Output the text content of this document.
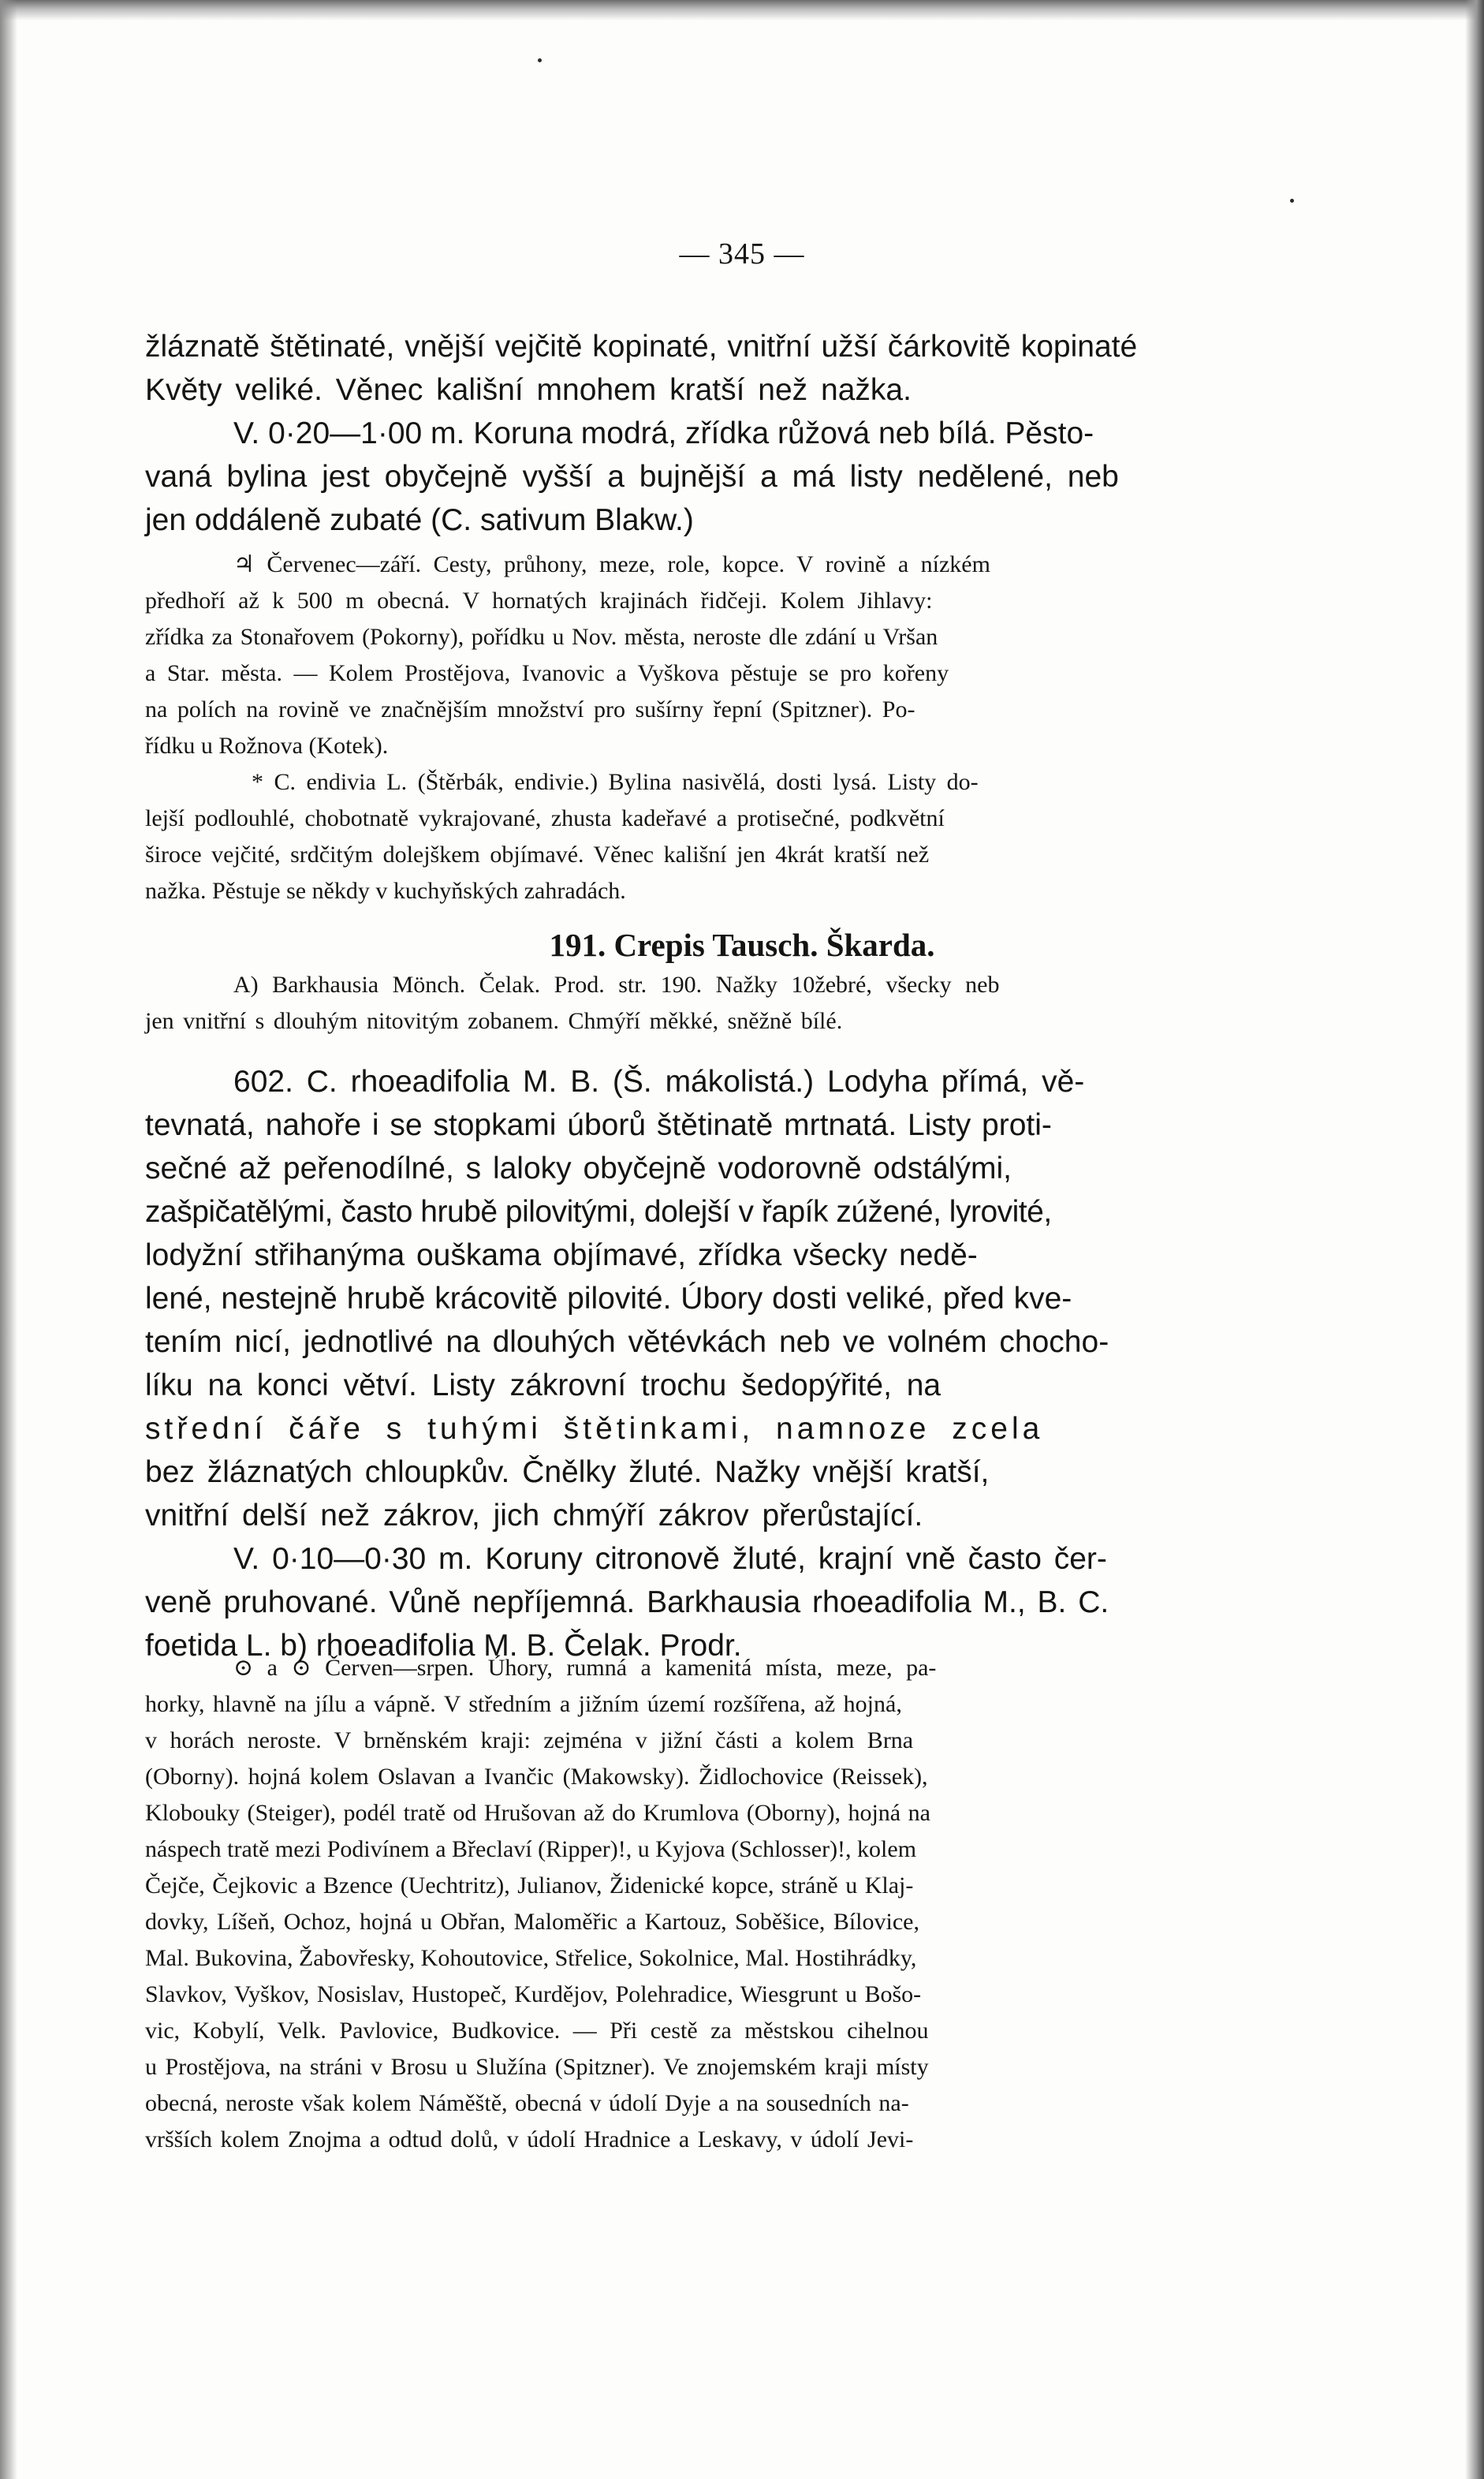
— 345 —
žláznatě štětinaté, vnější vejčitě kopinaté, vnitřní užší čárkovitě kopinaté
Květy veliké. Věnec kališní mnohem kratší než nažka.
V. 0·20—1·00 m. Koruna modrá, zřídka růžová neb bílá. Pěsto-
vaná bylina jest obyčejně vyšší a bujnější a má listy nedělené, neb
jen oddáleně zubaté (C. sativum Blakw.)
♃ Červenec—září. Cesty, průhony, meze, role, kopce. V rovině a nízkém
předhoří až k 500 m obecná. V hornatých krajinách řidčeji. Kolem Jihlavy:
zřídka za Stonařovem (Pokorny), pořídku u Nov. města, neroste dle zdání u Vršan
a Star. města. — Kolem Prostějova, Ivanovic a Vyškova pěstuje se pro kořeny
na polích na rovině ve značnějším množství pro sušírny řepní (Spitzner). Po-
řídku u Rožnova (Kotek).
* C. endivia L. (Štěrbák, endivie.) Bylina nasivělá, dosti lysá. Listy do-
lejší podlouhlé, chobotnatě vykrajované, zhusta kadeřavé a protisečné, podkvětní
široce vejčité, srdčitým dolejškem objímavé. Věnec kališní jen 4krát kratší než
nažka. Pěstuje se někdy v kuchyňských zahradách.
191. Crepis Tausch. Škarda.
A) Barkhausia Mönch. Čelak. Prod. str. 190. Nažky 10žebré, všecky neb
jen vnitřní s dlouhým nitovitým zobanem. Chmýří měkké, sněžně bílé.
602. C. rhoeadifolia M. B. (Š. mákolistá.) Lodyha přímá, vě-
tevnatá, nahoře i se stopkami úborů štětinatě mrtnatá. Listy proti-
sečné až peřenodílné, s laloky obyčejně vodorovně odstálými,
zašpičatělými, často hrubě pilovitými, dolejší v řapík zúžené, lyrovité,
lodyžní střihanýma ouškama objímavé, zřídka všecky nedě-
lené, nestejně hrubě krácovitě pilovité. Úbory dosti veliké, před kve-
tením nicí, jednotlivé na dlouhých větévkách neb ve volném chocho-
líku na konci větví. Listy zákrovní trochu šedopýřité, na
střední čáře s tuhými štětinkami, namnoze zcela
bez žláznatých chloupkův. Čnělky žluté. Nažky vnější kratší,
vnitřní delší než zákrov, jich chmýří zákrov přerůstající.
V. 0·10—0·30 m. Koruny citronově žluté, krajní vně často čer-
veně pruhované. Vůně nepříjemná. Barkhausia rhoeadifolia M., B. C.
foetida L. b) rhoeadifolia M. B. Čelak. Prodr.
⊙ a ⊙ Červen—srpen. Úhory, rumná a kamenitá místa, meze, pa-
horky, hlavně na jílu a vápně. V středním a jižním území rozšířena, až hojná,
v horách neroste. V brněnském kraji: zejména v jižní části a kolem Brna
(Oborny). hojná kolem Oslavan a Ivančic (Makowsky). Židlochovice (Reissek),
Klobouky (Steiger), podél tratě od Hrušovan až do Krumlova (Oborny), hojná na
náspech tratě mezi Podivínem a Břeclaví (Ripper)!, u Kyjova (Schlosser)!, kolem
Čejče, Čejkovic a Bzence (Uechtritz), Julianov, Židenické kopce, stráně u Klaj-
dovky, Líšeň, Ochoz, hojná u Obřan, Maloměřic a Kartouz, Soběšice, Bílovice,
Mal. Bukovina, Žabovřesky, Kohoutovice, Střelice, Sokolnice, Mal. Hostihrádky,
Slavkov, Vyškov, Nosislav, Hustopeč, Kurdějov, Polehradice, Wiesgrunt u Bošo-
vic, Kobylí, Velk. Pavlovice, Budkovice. — Při cestě za městskou cihelnou
u Prostějova, na stráni v Brosu u Služína (Spitzner). Ve znojemském kraji místy
obecná, neroste však kolem Náměště, obecná v údolí Dyje a na sousedních na-
vršších kolem Znojma a odtud dolů, v údolí Hradnice a Leskavy, v údolí Jevi-
